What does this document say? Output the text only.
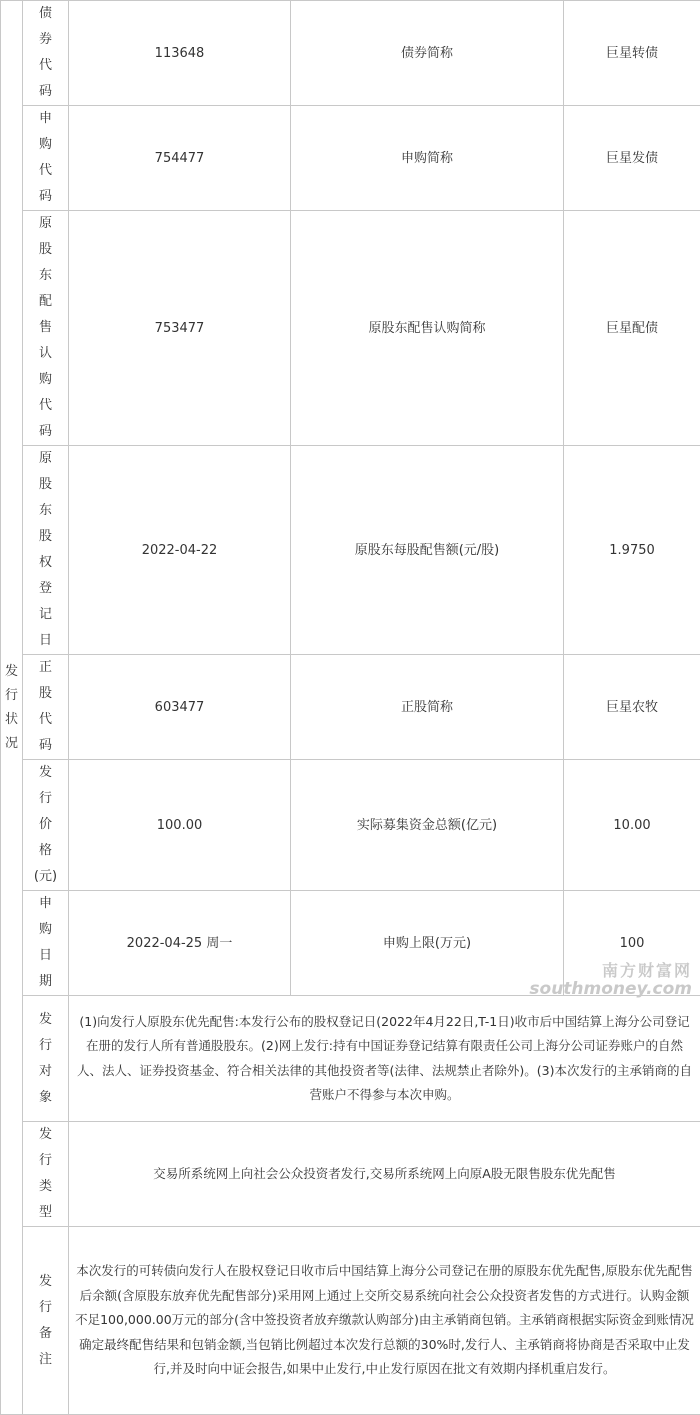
发行状况	债券代码	113648	债券简称	巨星转债
	申购代码	754477	申购简称	巨星发债
	原股东配售认购代码	753477	原股东配售认购简称	巨星配债
	原股东股权登记日	2022-04-22	原股东每股配售额(元/股)	1.9750
	正股代码	603477	正股简称	巨星农牧
	发行价格(元)	100.00	实际募集资金总额(亿元)	10.00
	申购日期	2022-04-25 周一	申购上限(万元)	100
	发行对象	(1)向发行人原股东优先配售:本发行公布的股权登记日(2022年4月22日,T-1日)收市后中国结算上海分公司登记在册的发行人所有普通股股东。(2)网上发行:持有中国证券登记结算有限责任公司上海分公司证券账户的自然人、法人、证券投资基金、符合相关法律的其他投资者等(法律、法规禁止者除外)。(3)本次发行的主承销商的自营账户不得参与本次申购。		
	发行类型	交易所系统网上向社会公众投资者发行,交易所系统网上向原A股无限售股东优先配售		
	发行备注	本次发行的可转债向发行人在股权登记日收市后中国结算上海分公司登记在册的原股东优先配售,原股东优先配售后余额(含原股东放弃优先配售部分)采用网上通过上交所交易系统向社会公众投资者发售的方式进行。认购金额不足100,000.00万元的部分(含中签投资者放弃缴款认购部分)由主承销商包销。主承销商根据实际资金到账情况确定最终配售结果和包销金额,当包销比例超过本次发行总额的30%时,发行人、主承销商将协商是否采取中止发行,并及时向中证会报告,如果中止发行,中止发行原因在批文有效期内择机重启发行。		
南方财富网
southmoney.com
